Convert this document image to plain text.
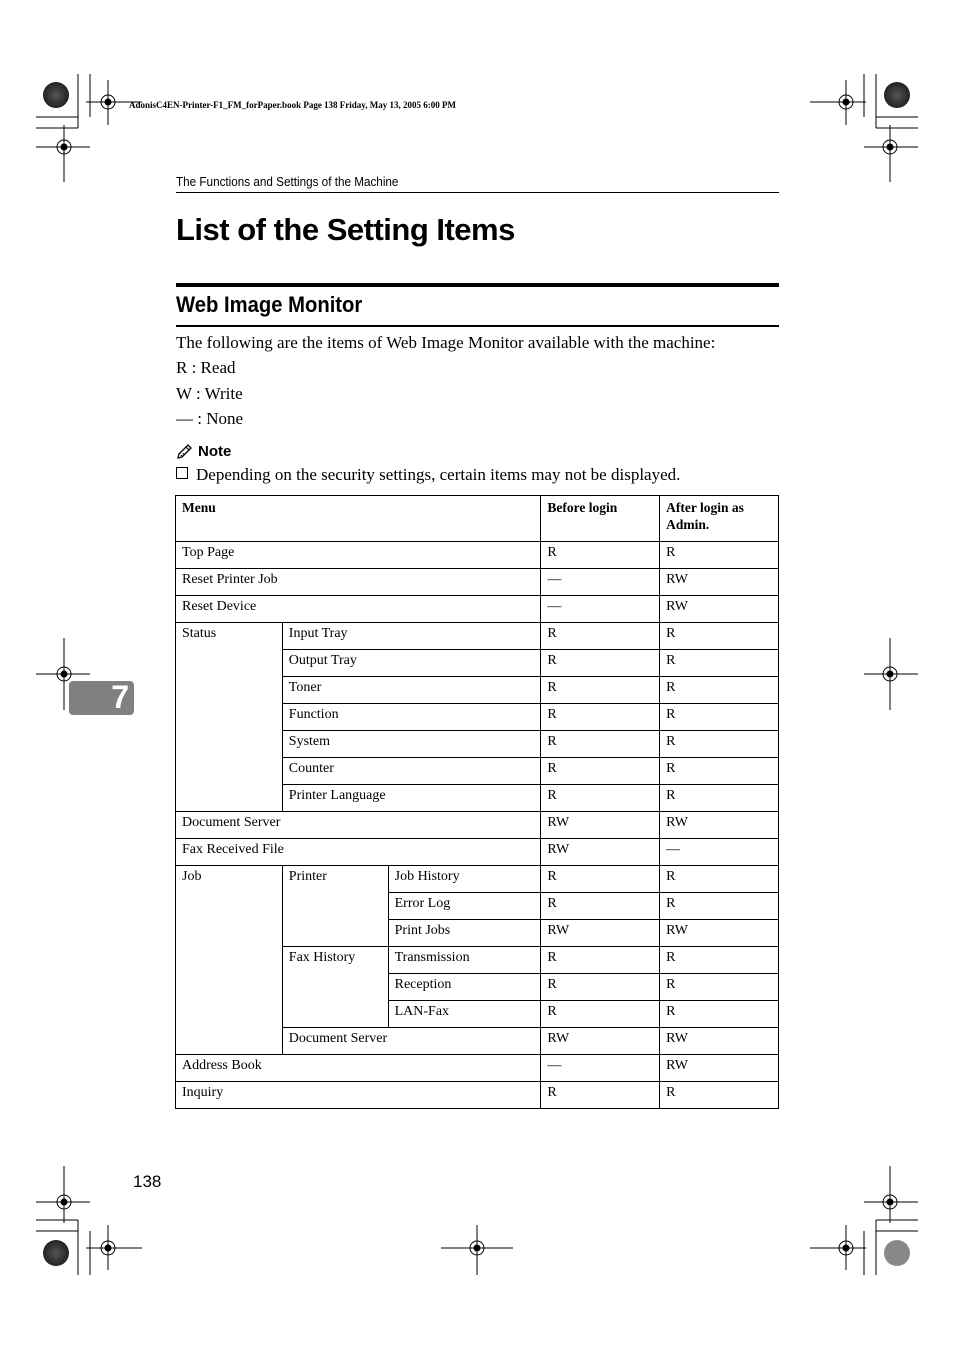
AdonisC4EN-Printer-F1_FM_forPaper.book Page 138 Friday, May 13, 2005 6:00 PM
The Functions and Settings of the Machine
List of the Setting Items
Web Image Monitor
The following are the items of Web Image Monitor available with the machine:
R : Read
W : Write
— : None
Note
Depending on the security settings, certain items may not be displayed.
Menu			Before login	After login as Admin.
Top Page			R	R
Reset Printer Job			—	RW
Reset Device			—	RW
Status	Input Tray		R	R
	Output Tray		R	R
	Toner		R	R
	Function		R	R
	System		R	R
	Counter		R	R
	Printer Language		R	R
Document Server			RW	RW
Fax Received File			RW	—
Job	Printer	Job History	R	R
		Error Log	R	R
		Print Jobs	RW	RW
	Fax History	Transmission	R	R
		Reception	R	R
		LAN-Fax	R	R
	Document Server		RW	RW
Address Book			—	RW
Inquiry			R	R
7
138
